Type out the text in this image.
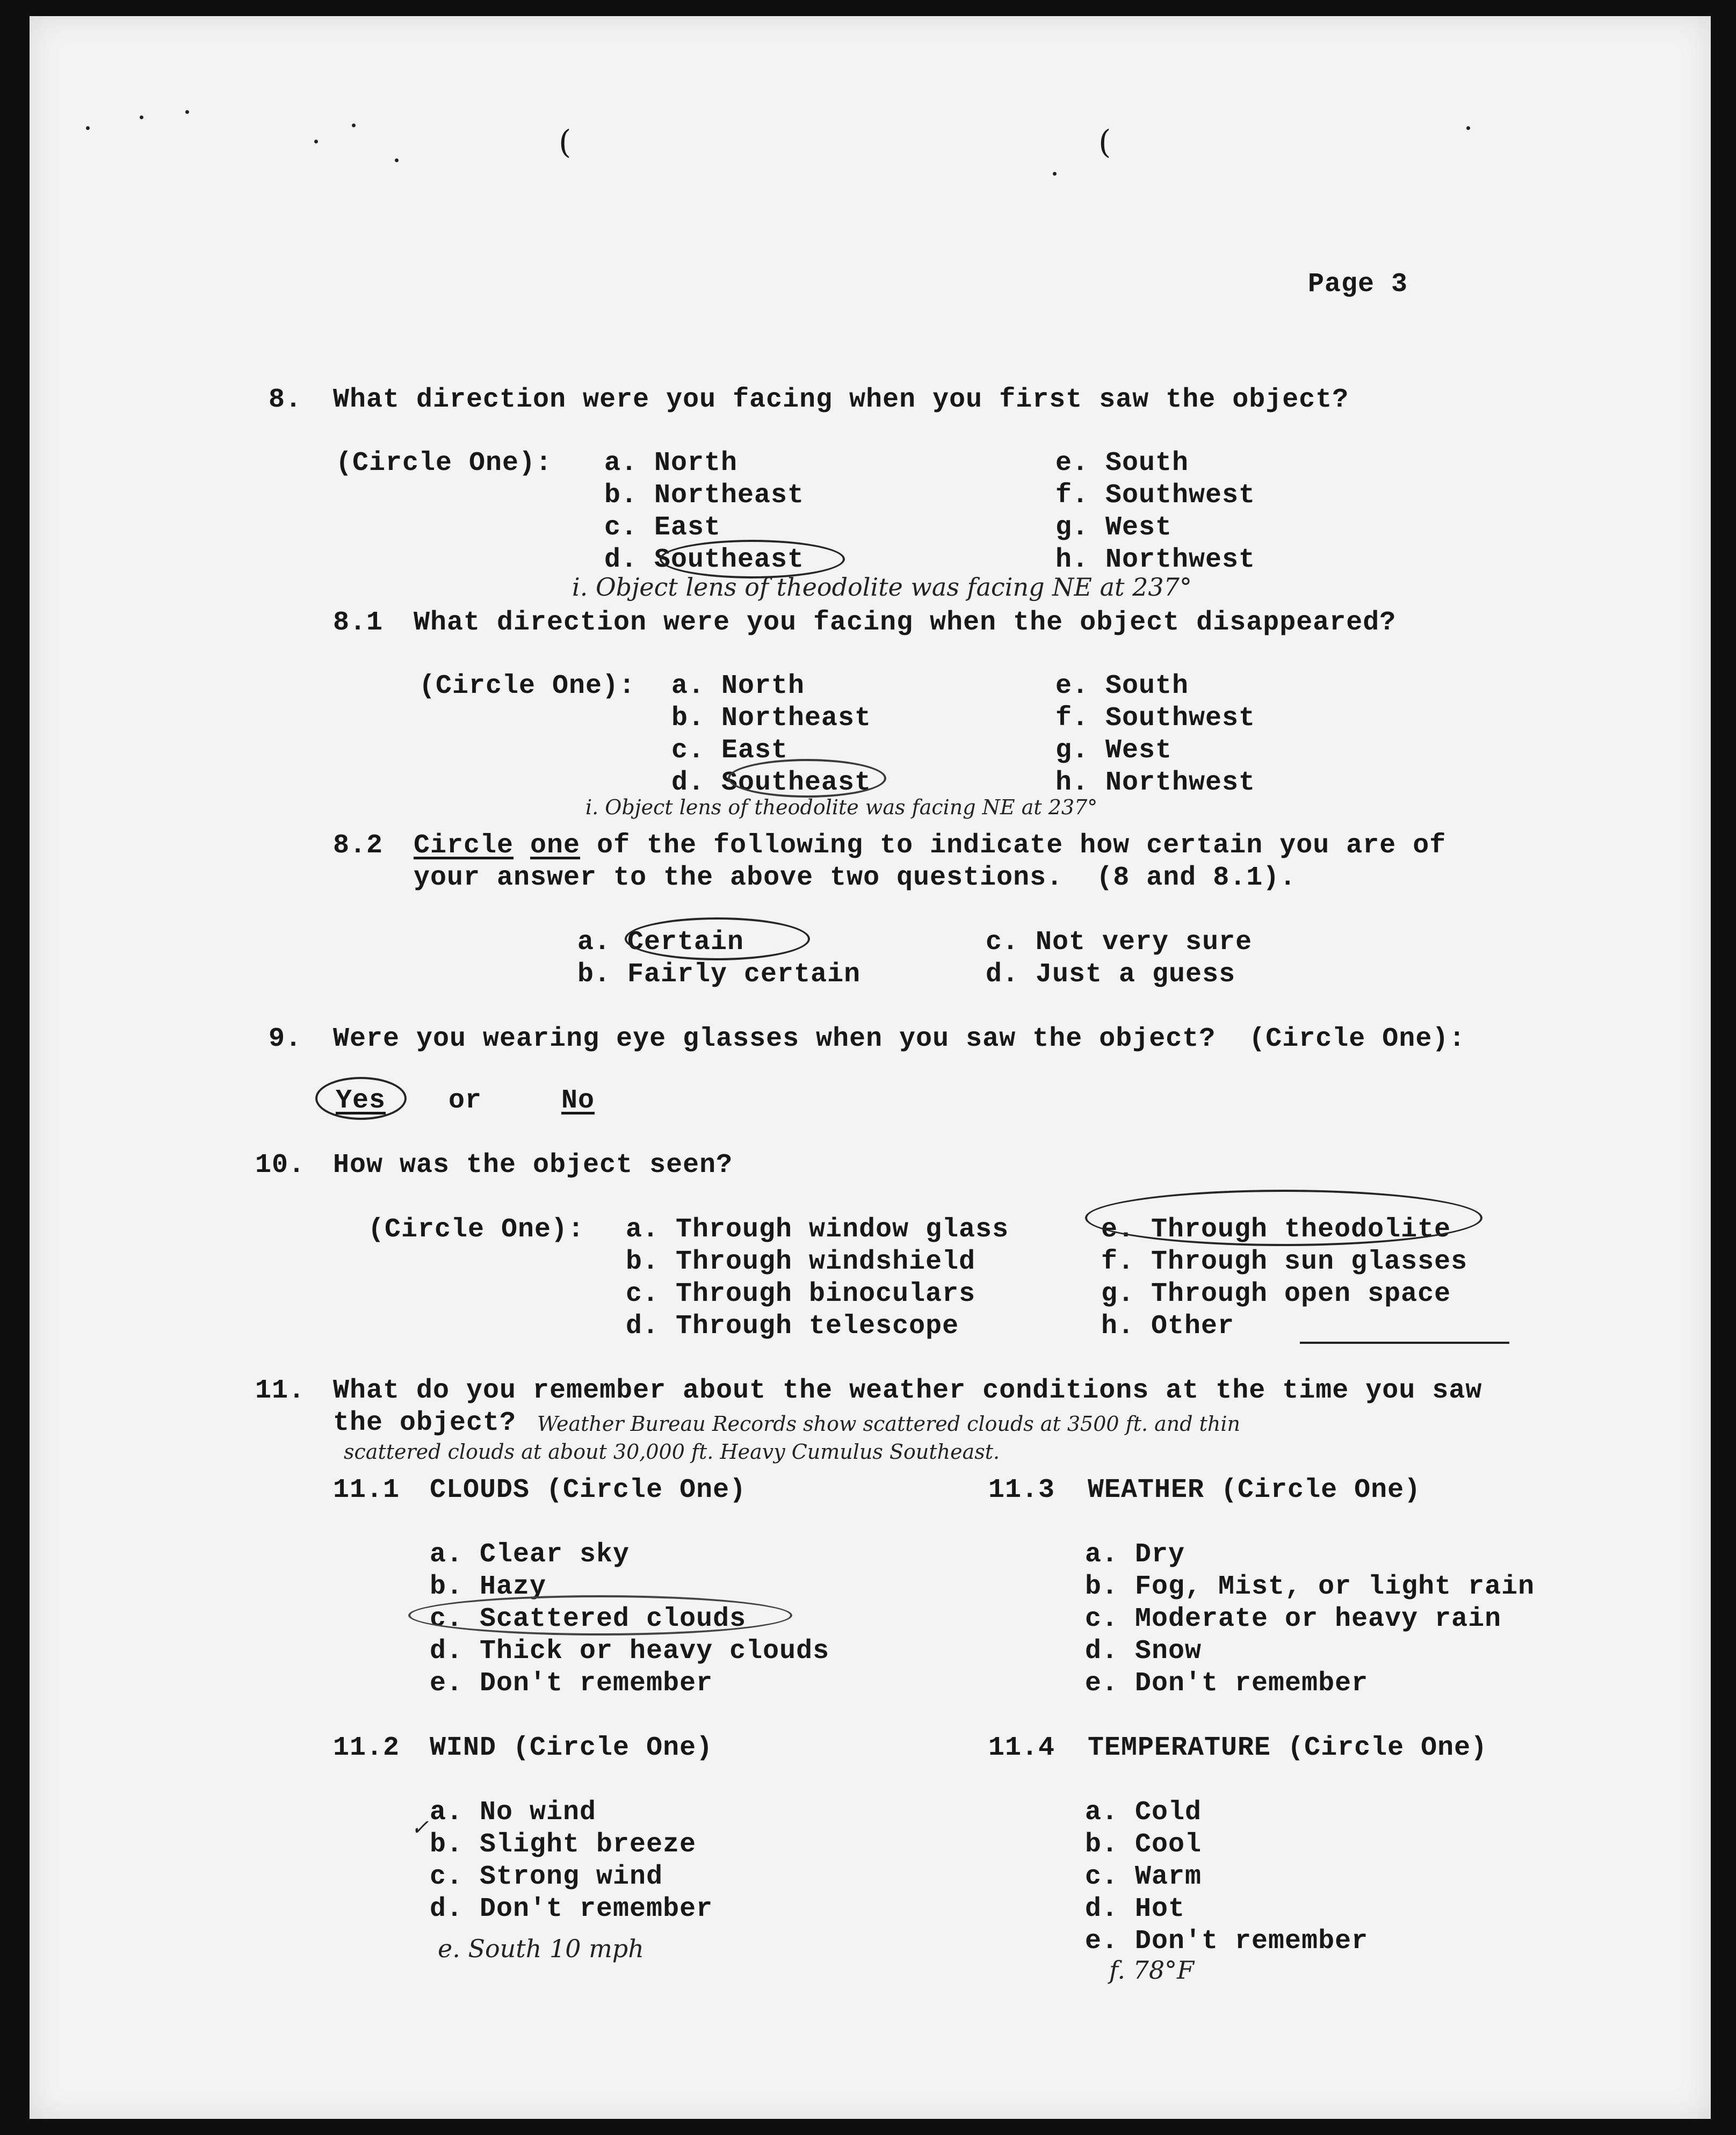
(	(
Page 3
8. What direction were you facing when you first saw the object?
(Circle One): a. North
b. Northeast
c. East
d. Southeast
e. South
f. Southwest
g. West
h. Northwest
i. Object lens of theodolite was facing NE at 237°
8.1 What direction were you facing when the object disappeared?
(Circle One): a. North
b. Northeast
c. East
d. Southeast
e. South
f. Southwest
g. West
h. Northwest
i. Object lens of theodolite was facing NE at 237°
8.2 Circle one of the following to indicate how certain you are of
your answer to the above two questions.  (8 and 8.1).
a. Certain
b. Fairly certain
c. Not very sure
d. Just a guess
9. Were you wearing eye glasses when you saw the object?  (Circle One):
Yes or	No
10. How was the object seen?
(Circle One): a. Through window glass
b. Through windshield
c. Through binoculars
d. Through telescope
e. Through theodolite
f. Through sun glasses
g. Through open space
h. Other
11. What do you remember about the weather conditions at the time you saw
the object? Weather Bureau Records show scattered clouds at 3500 ft. and thin
scattered clouds at about 30,000 ft. Heavy Cumulus Southeast.
11.1 CLOUDS (Circle One)
a. Clear sky
b. Hazy
c. Scattered clouds
d. Thick or heavy clouds
e. Don't remember
11.3 WEATHER (Circle One)
a. Dry
b. Fog, Mist, or light rain
c. Moderate or heavy rain
d. Snow
e. Don't remember
11.2 WIND (Circle One)
a. No wind
b. Slight breeze
c. Strong wind
d. Don't remember
✓
e. South 10 mph
11.4 TEMPERATURE (Circle One)
a. Cold
b. Cool
c. Warm
d. Hot
e. Don't remember
f. 78°F
